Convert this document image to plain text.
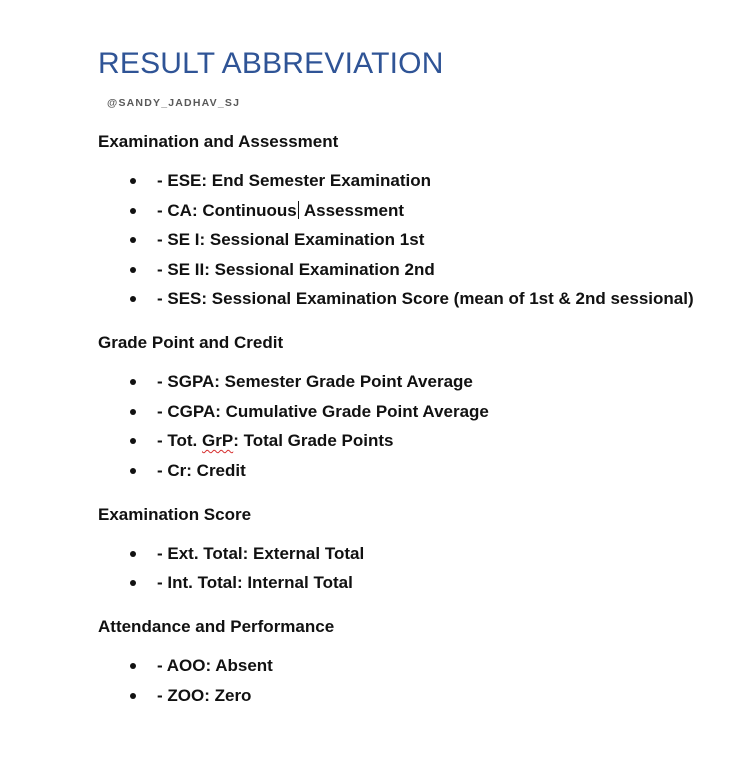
RESULT ABBREVIATION
@SANDY_JADHAV_SJ
Examination and Assessment
- ESE: End Semester Examination
- CA: Continuous Assessment
- SE I: Sessional Examination 1st
- SE II: Sessional Examination 2nd
- SES: Sessional Examination Score (mean of 1st & 2nd sessional)
Grade Point and Credit
- SGPA: Semester Grade Point Average
- CGPA: Cumulative Grade Point Average
- Tot. GrP: Total Grade Points
- Cr: Credit
Examination Score
- Ext. Total: External Total
- Int. Total: Internal Total
Attendance and Performance
- AOO: Absent
- ZOO: Zero
